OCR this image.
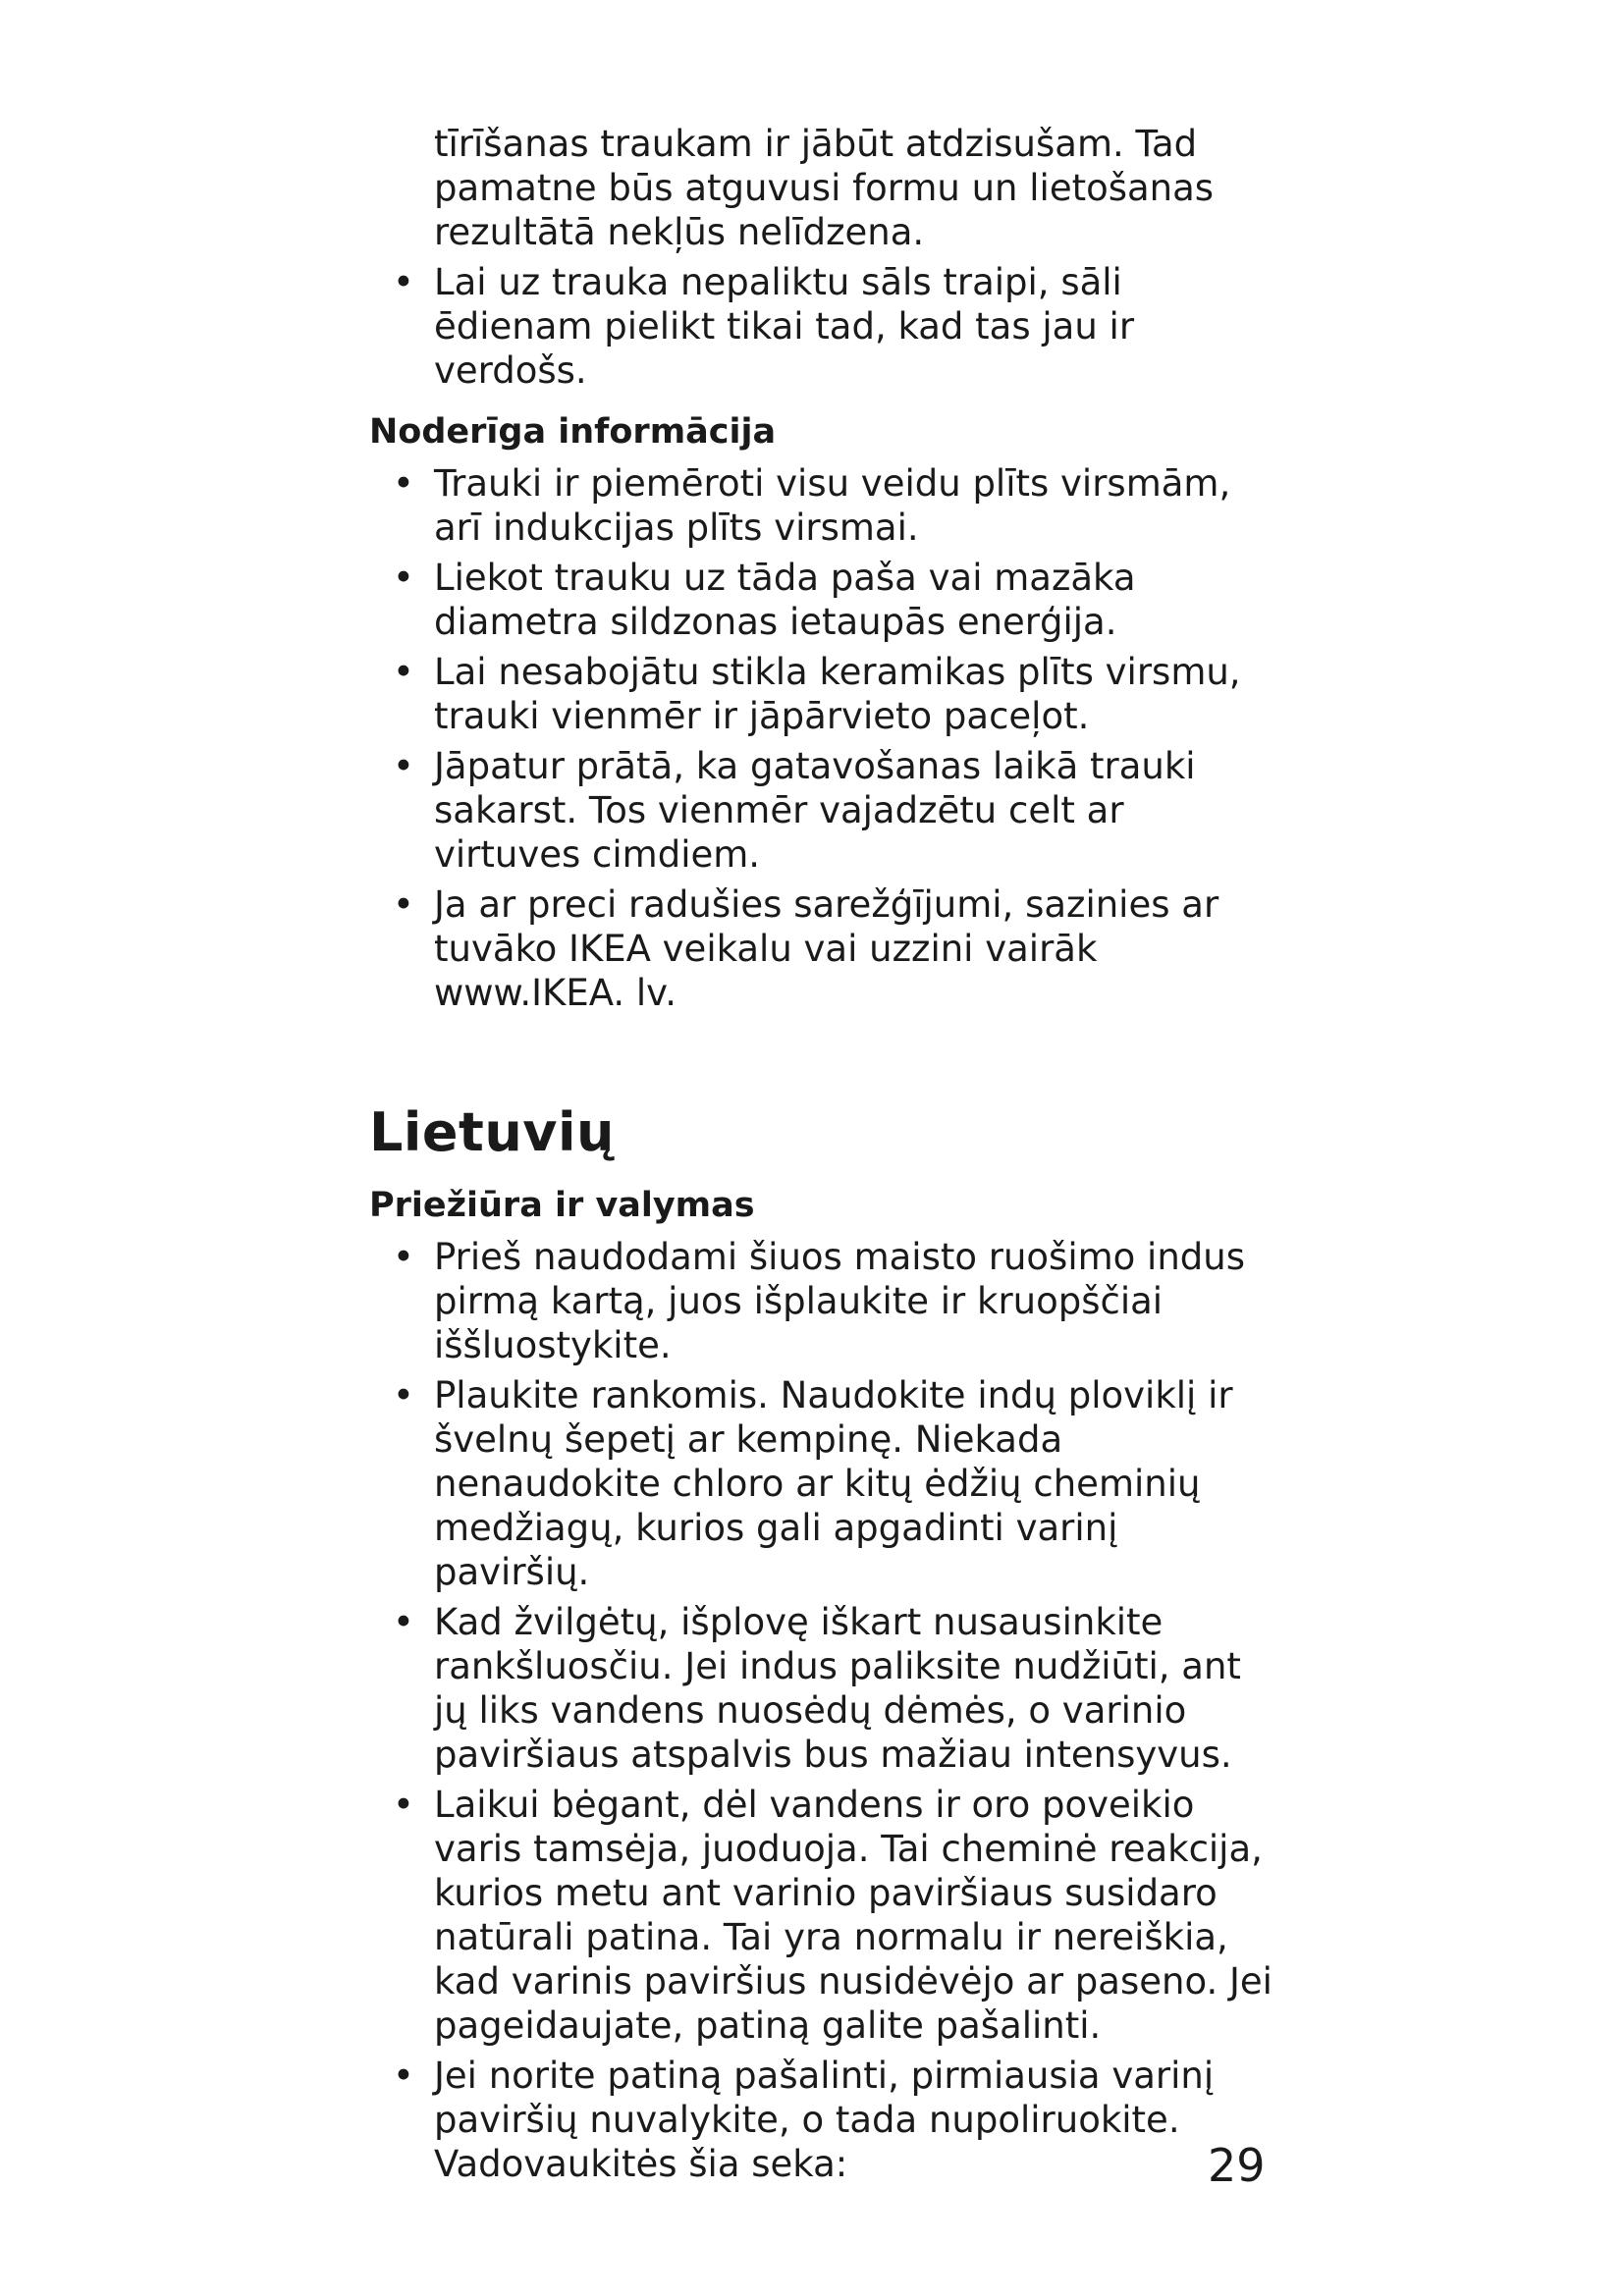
tīrīšanas traukam ir jābūt atdzisušam. Tad pamatne būs atguvusi formu un lietošanas rezultātā nekļūs nelīdzena.

• Lai uz trauka nepaliktu sāls traipi, sāli ēdienam pielikt tikai tad, kad tas jau ir verdošs.
Noderīga informācija
• Trauki ir piemēroti visu veidu plīts virsmām, arī indukcijas plīts virsmai.
• Liekot trauku uz tāda paša vai mazāka diametra sildzonas ietaupās enerģija.
• Lai nesabojātu stikla keramikas plīts virsmu, trauki vienmēr ir jāpārvieto paceļot.
• Jāpatur prātā, ka gatavošanas laikā trauki sakarst. Tos vienmēr vajadzētu celt ar virtuves cimdiem.
• Ja ar preci radušies sarežģījumi, sazinies ar tuvāko IKEA veikalu vai uzzini vairāk www.IKEA. lv.
Lietuvių
Priežiūra ir valymas
• Prieš naudodami šiuos maisto ruošimo indus pirmą kartą, juos išplaukite ir kruopščiai iššluostykite.
• Plaukite rankomis. Naudokite indų ploviklį ir švelnų šepetį ar kempinę. Niekada nenaudokite chloro ar kitų ėdžių cheminių medžiagų, kurios gali apgadinti varinį paviršių.
• Kad žvilgėtų, išplovę iškart nusausinkite rankšluosčiu. Jei indus paliksite nudžiūti, ant jų liks vandens nuosėdų dėmės, o varinio paviršiaus atspalvis bus mažiau intensyvus.
• Laikui bėgant, dėl vandens ir oro poveikio varis tamsėja, juoduoja. Tai cheminė reakcija, kurios metu ant varinio paviršiaus susidaro natūrali patina. Tai yra normalu ir nereiškia, kad varinis paviršius nusidėvėjo ar paseno. Jei pageidaujate, patiną galite pašalinti.
• Jei norite patiną pašalinti, pirmiausia varinį paviršių nuvalykite, o tada nupoliruokite. Vadovaukitės šia seka:	29
